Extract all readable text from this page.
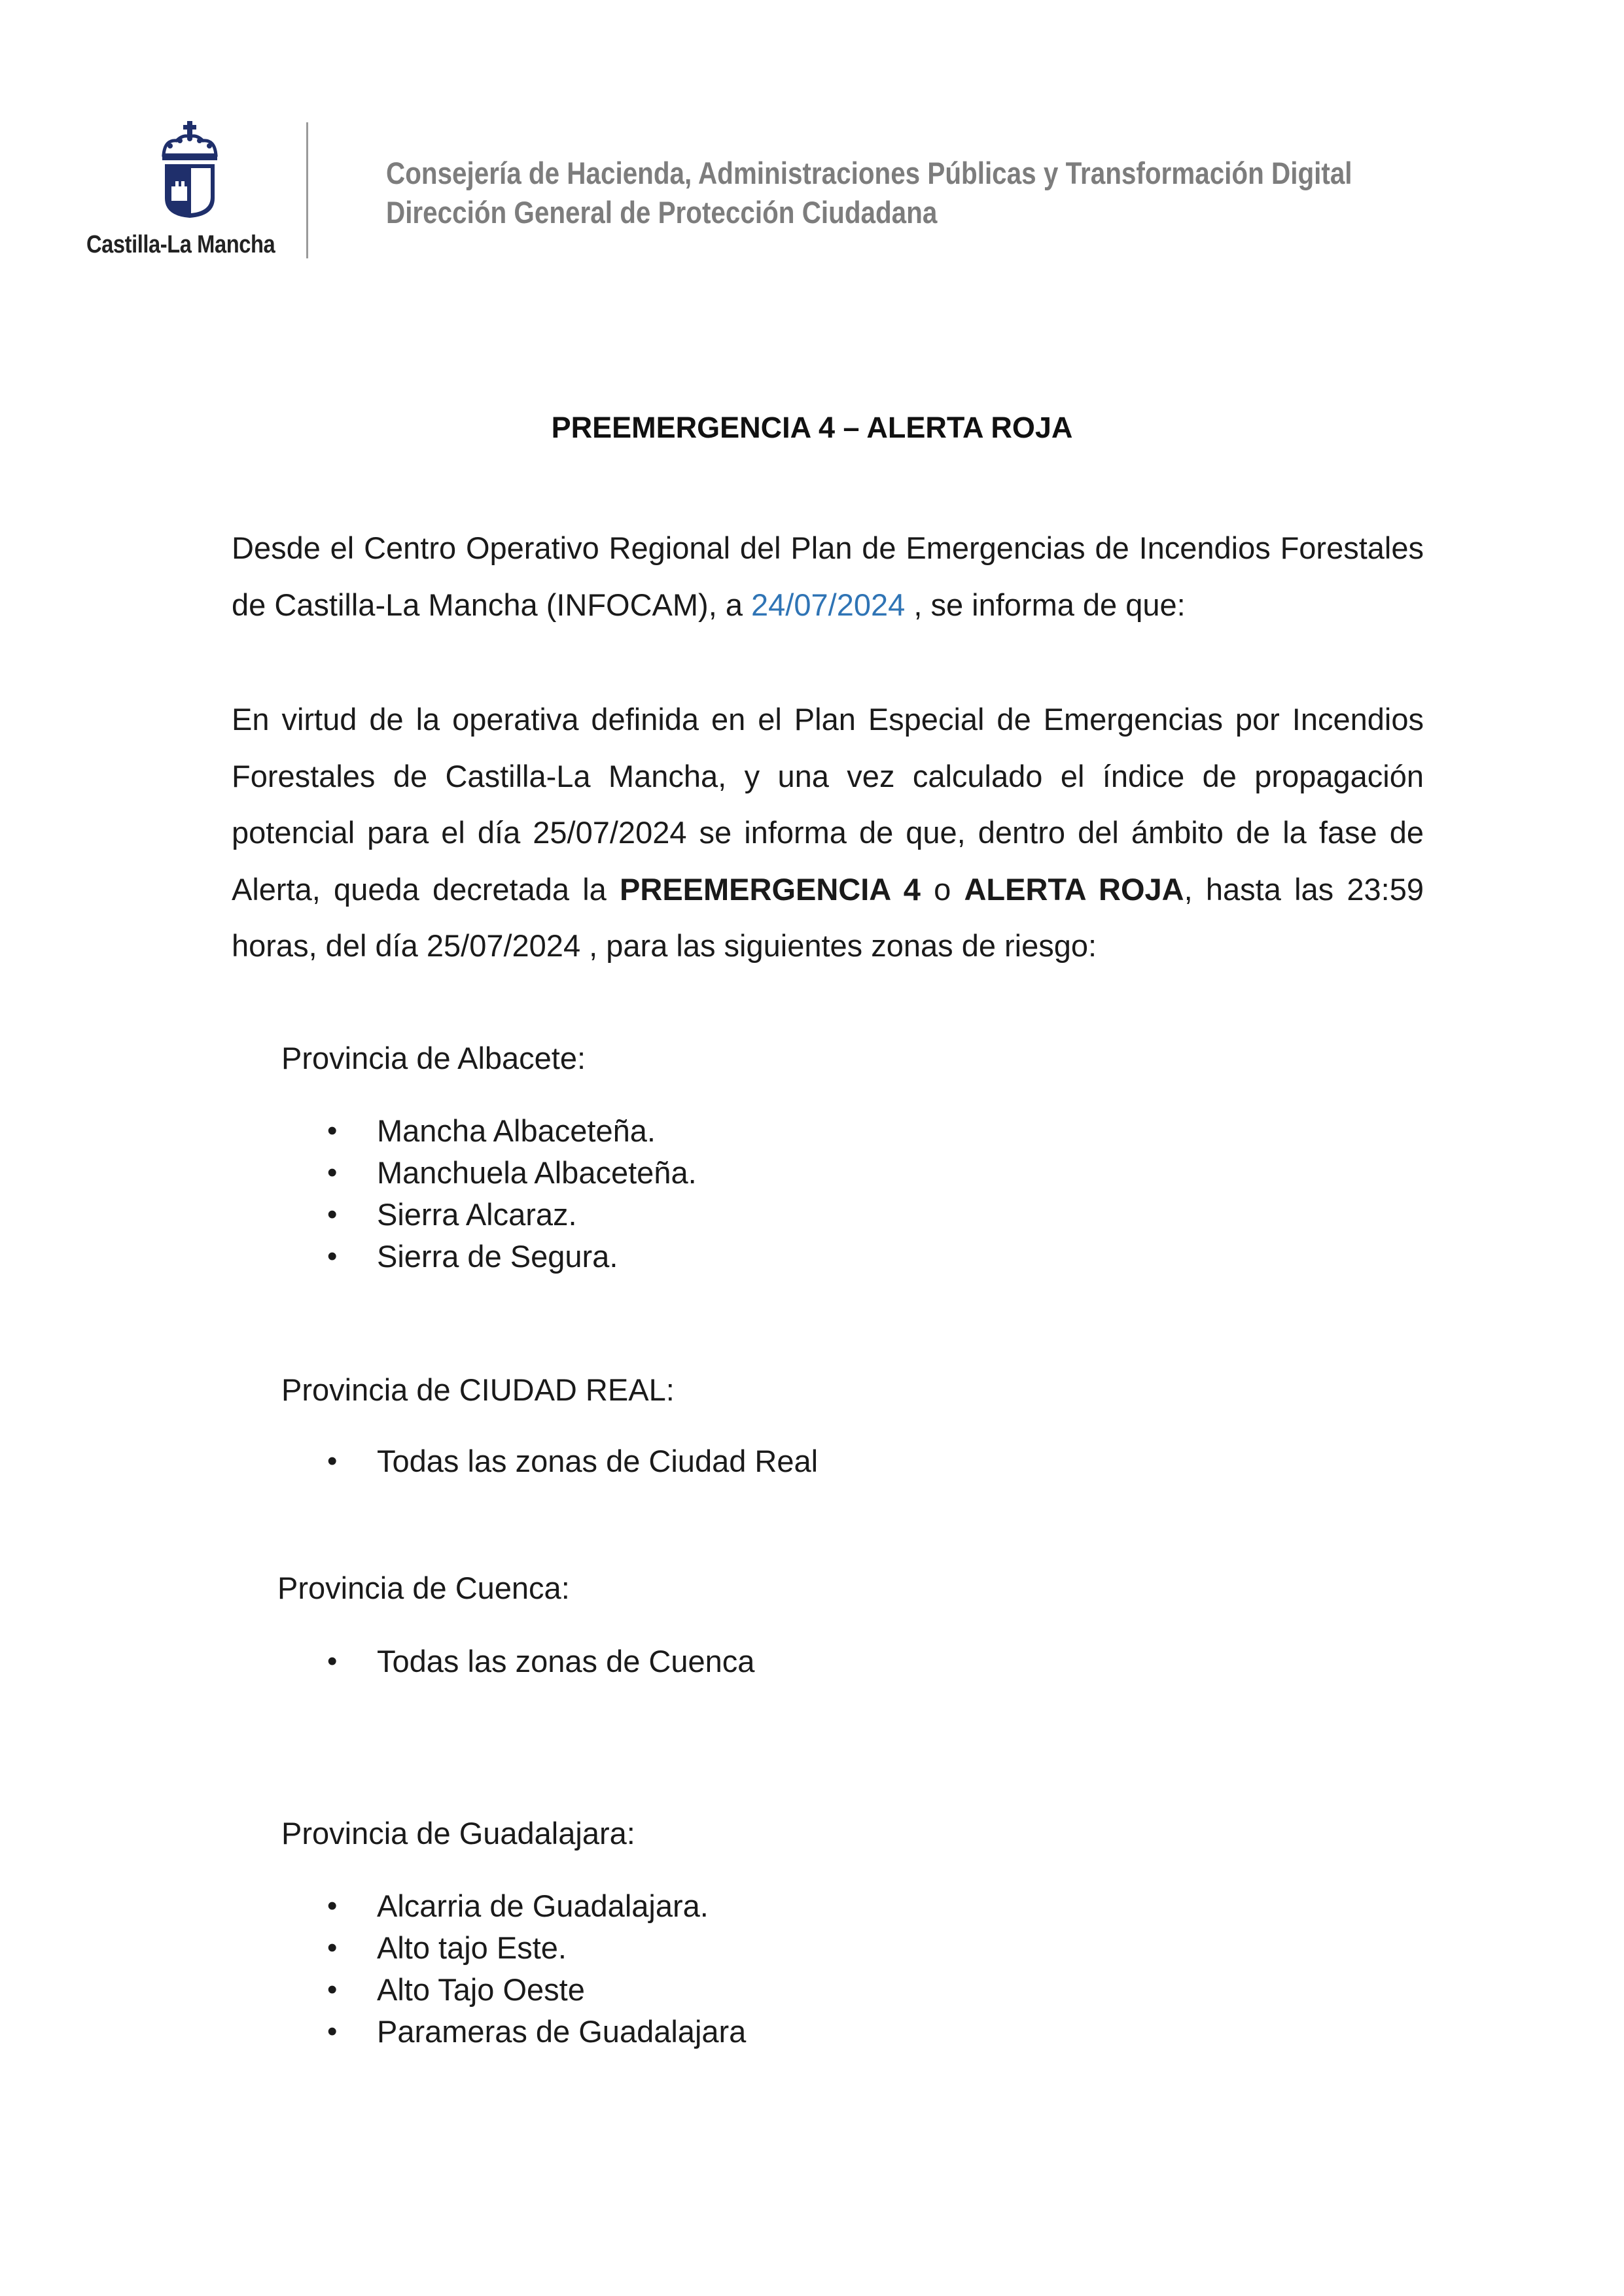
Castilla-La Mancha
Consejería de Hacienda, Administraciones Públicas y Transformación Digital
Dirección General de Protección Ciudadana
PREEMERGENCIA 4 – ALERTA ROJA

Desde el Centro Operativo Regional del Plan de Emergencias de Incendios Forestales de Castilla-La Mancha (INFOCAM), a 24/07/2024 , se informa de que:

En virtud de la operativa definida en el Plan Especial de Emergencias por Incendios Forestales de Castilla-La Mancha, y una vez calculado el índice de propagación potencial para el día 25/07/2024 se informa de que, dentro del ámbito de la fase de Alerta, queda decretada la PREEMERGENCIA 4 o ALERTA ROJA, hasta las 23:59 horas, del día 25/07/2024 , para las siguientes zonas de riesgo:

Provincia de Albacete:

• Mancha Albaceteña.
• Manchuela Albaceteña.
• Sierra Alcaraz.
• Sierra de Segura.

Provincia de CIUDAD REAL:

• Todas las zonas de Ciudad Real

Provincia de Cuenca:

• Todas las zonas de Cuenca

Provincia de Guadalajara:

• Alcarria de Guadalajara.
• Alto tajo Este.
• Alto Tajo Oeste
• Parameras de Guadalajara
